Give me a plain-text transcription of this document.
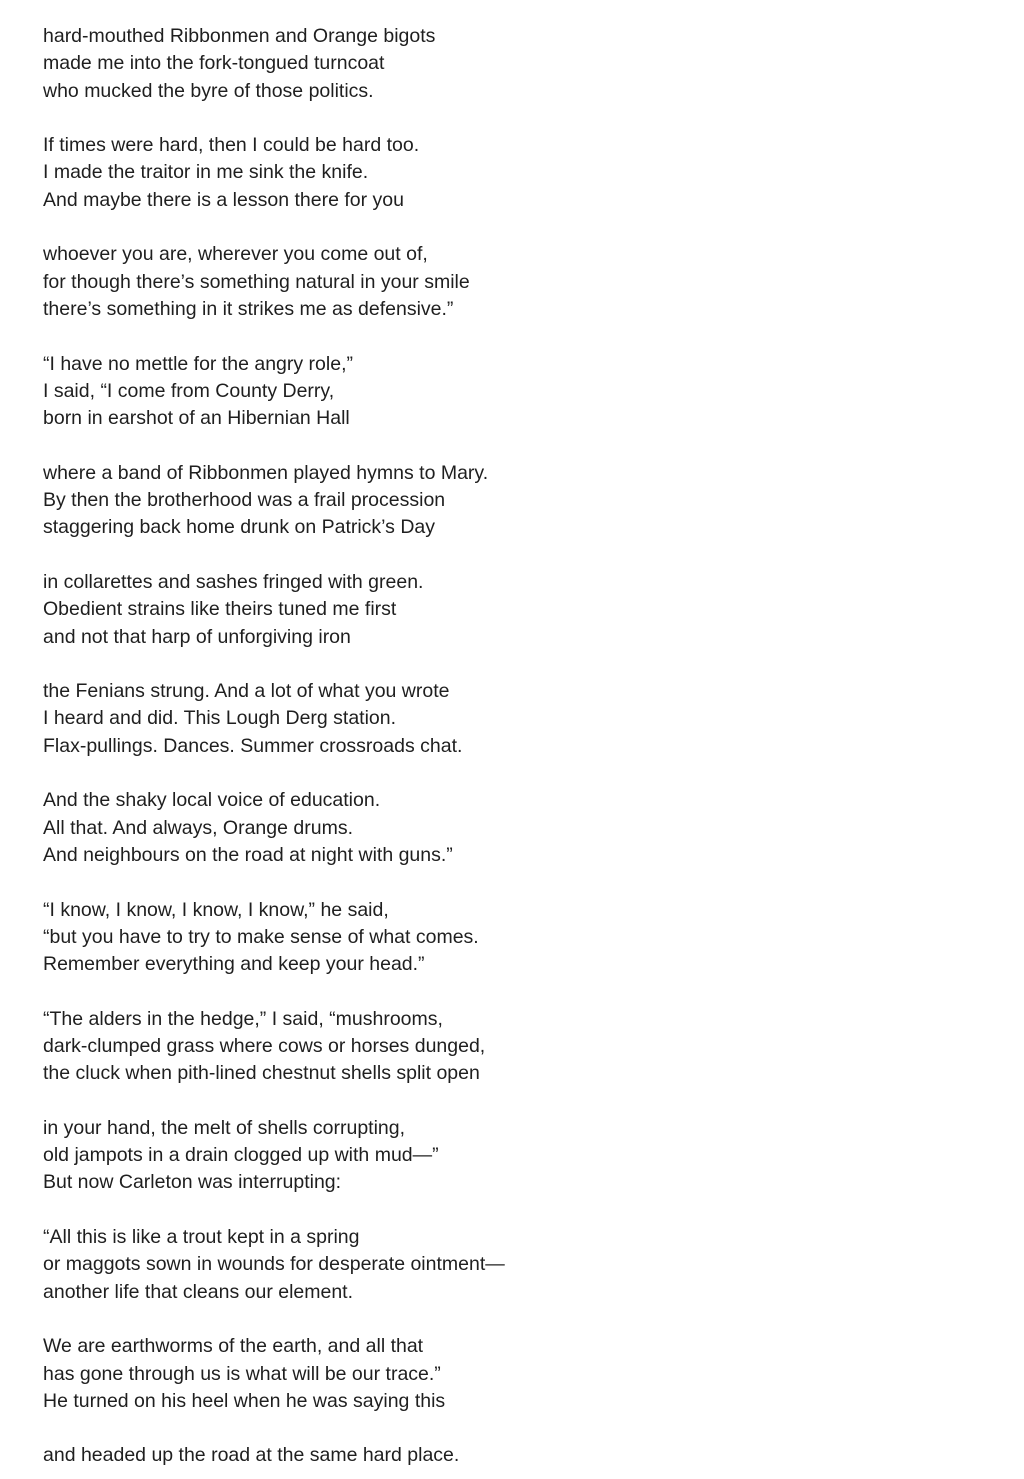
hard-mouthed Ribbonmen and Orange bigots
made me into the fork-tongued turncoat
who mucked the byre of those politics.
If times were hard, then I could be hard too.
I made the traitor in me sink the knife.
And maybe there is a lesson there for you
whoever you are, wherever you come out of,
for though there’s something natural in your smile
there’s something in it strikes me as defensive.”
“I have no mettle for the angry role,”
I said, “I come from County Derry,
born in earshot of an Hibernian Hall
where a band of Ribbonmen played hymns to Mary.
By then the brotherhood was a frail procession
staggering back home drunk on Patrick’s Day
in collarettes and sashes fringed with green.
Obedient strains like theirs tuned me first
and not that harp of unforgiving iron
the Fenians strung. And a lot of what you wrote
I heard and did. This Lough Derg station.
Flax-pullings. Dances. Summer crossroads chat.
And the shaky local voice of education.
All that. And always, Orange drums.
And neighbours on the road at night with guns.”
“I know, I know, I know, I know,” he said,
“but you have to try to make sense of what comes.
Remember everything and keep your head.”
“The alders in the hedge,” I said, “mushrooms,
dark-clumped grass where cows or horses dunged,
the cluck when pith-lined chestnut shells split open
in your hand, the melt of shells corrupting,
old jampots in a drain clogged up with mud—”
But now Carleton was interrupting:
“All this is like a trout kept in a spring
or maggots sown in wounds for desperate ointment—
another life that cleans our element.
We are earthworms of the earth, and all that
has gone through us is what will be our trace.”
He turned on his heel when he was saying this
and headed up the road at the same hard place.
